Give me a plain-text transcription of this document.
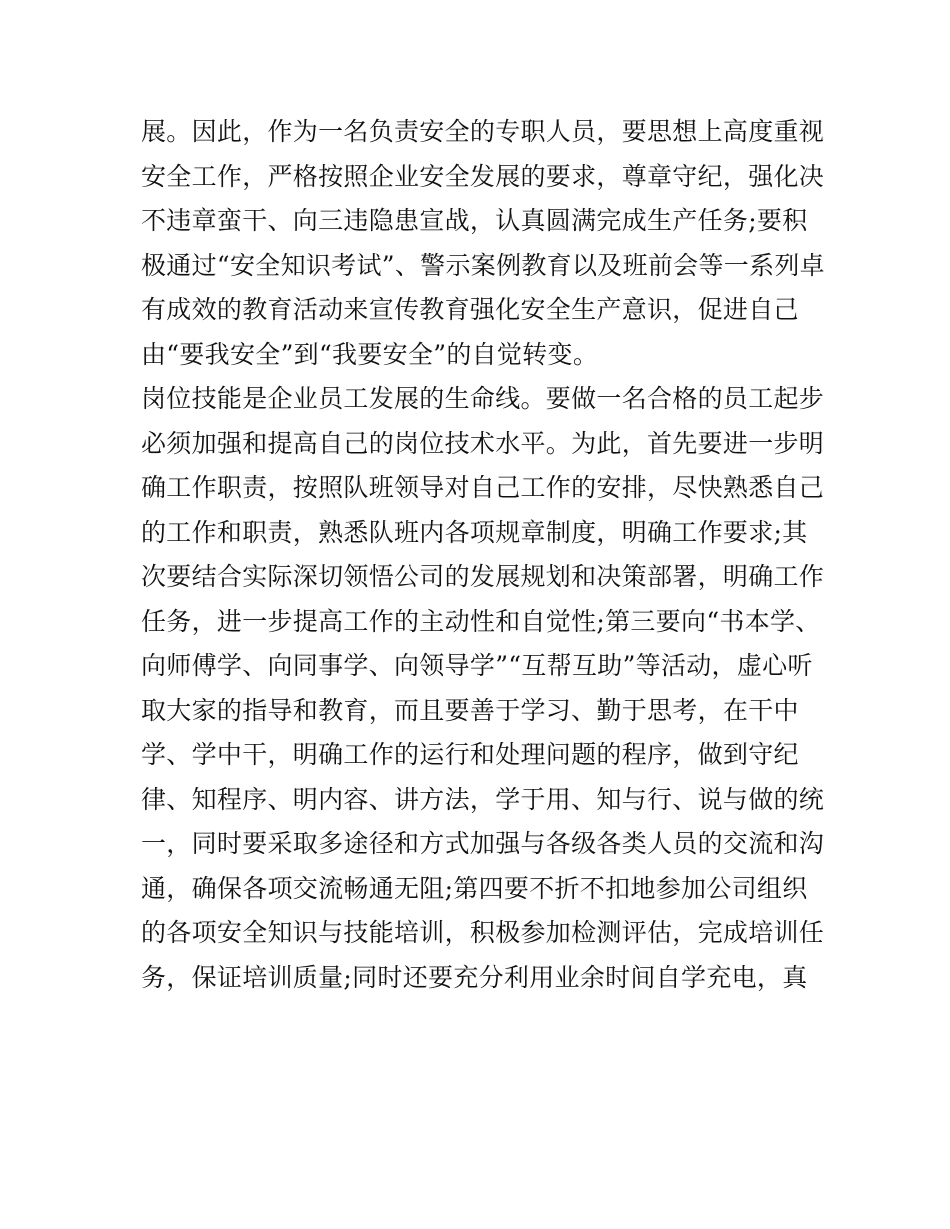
展。因此，作为一名负责安全的专职人员，要思想上高度重视
安全工作，严格按照企业安全发展的要求，尊章守纪，强化决
不违章蛮干、向三违隐患宣战，认真圆满完成生产任务;要积
极通过“安全知识考试”、警示案例教育以及班前会等一系列卓
有成效的教育活动来宣传教育强化安全生产意识，促进自己
由“要我安全”到“我要安全”的自觉转变。
岗位技能是企业员工发展的生命线。要做一名合格的员工起步
必须加强和提高自己的岗位技术水平。为此，首先要进一步明
确工作职责，按照队班领导对自己工作的安排，尽快熟悉自己
的工作和职责，熟悉队班内各项规章制度，明确工作要求;其
次要结合实际深切领悟公司的发展规划和决策部署，明确工作
任务，进一步提高工作的主动性和自觉性;第三要向“书本学、
向师傅学、向同事学、向领导学”“互帮互助”等活动，虚心听
取大家的指导和教育，而且要善于学习、勤于思考，在干中
学、学中干，明确工作的运行和处理问题的程序，做到守纪
律、知程序、明内容、讲方法，学于用、知与行、说与做的统
一，同时要采取多途径和方式加强与各级各类人员的交流和沟
通，确保各项交流畅通无阻;第四要不折不扣地参加公司组织
的各项安全知识与技能培训，积极参加检测评估，完成培训任
务，保证培训质量;同时还要充分利用业余时间自学充电，真
